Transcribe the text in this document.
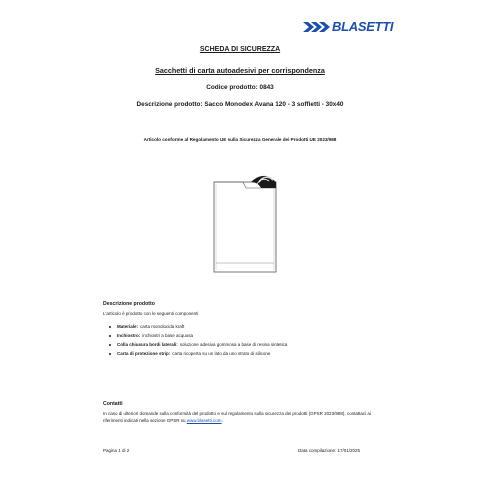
BLASETTI
SCHEDA DI SICUREZZA
Sacchetti di carta autoadesivi per corrispondenza
Codice prodotto: 0843
Descrizione prodotto: Sacco Monodex Avana 120 - 3 soffietti - 30x40
Articolo conforme al Regolamento UE sulla Sicurezza Generale dei Prodotti UE 2023/988
Descrizione prodotto
L'articolo è prodotto con le seguenti componenti
Materiale: carta monolucida kraft
Inchiostro: inchiostri a base acquosa
Colla chiusura bordi laterali: soluzione adesiva gommosa a base di resina sintetica
Carta di protezione strip: carta ricoperta su un lato da uno strato di silicone
Contatti
In caso di ulteriori domande sulla conformità del prodotto e sul regolamento sulla sicurezza dei prodotti (GPSR 2023/988), contattaci ai riferimenti indicati nella sezione GPSR su www.blasetti.com.
Pagina 1 di 2	Data compilazione: 17/01/2025
